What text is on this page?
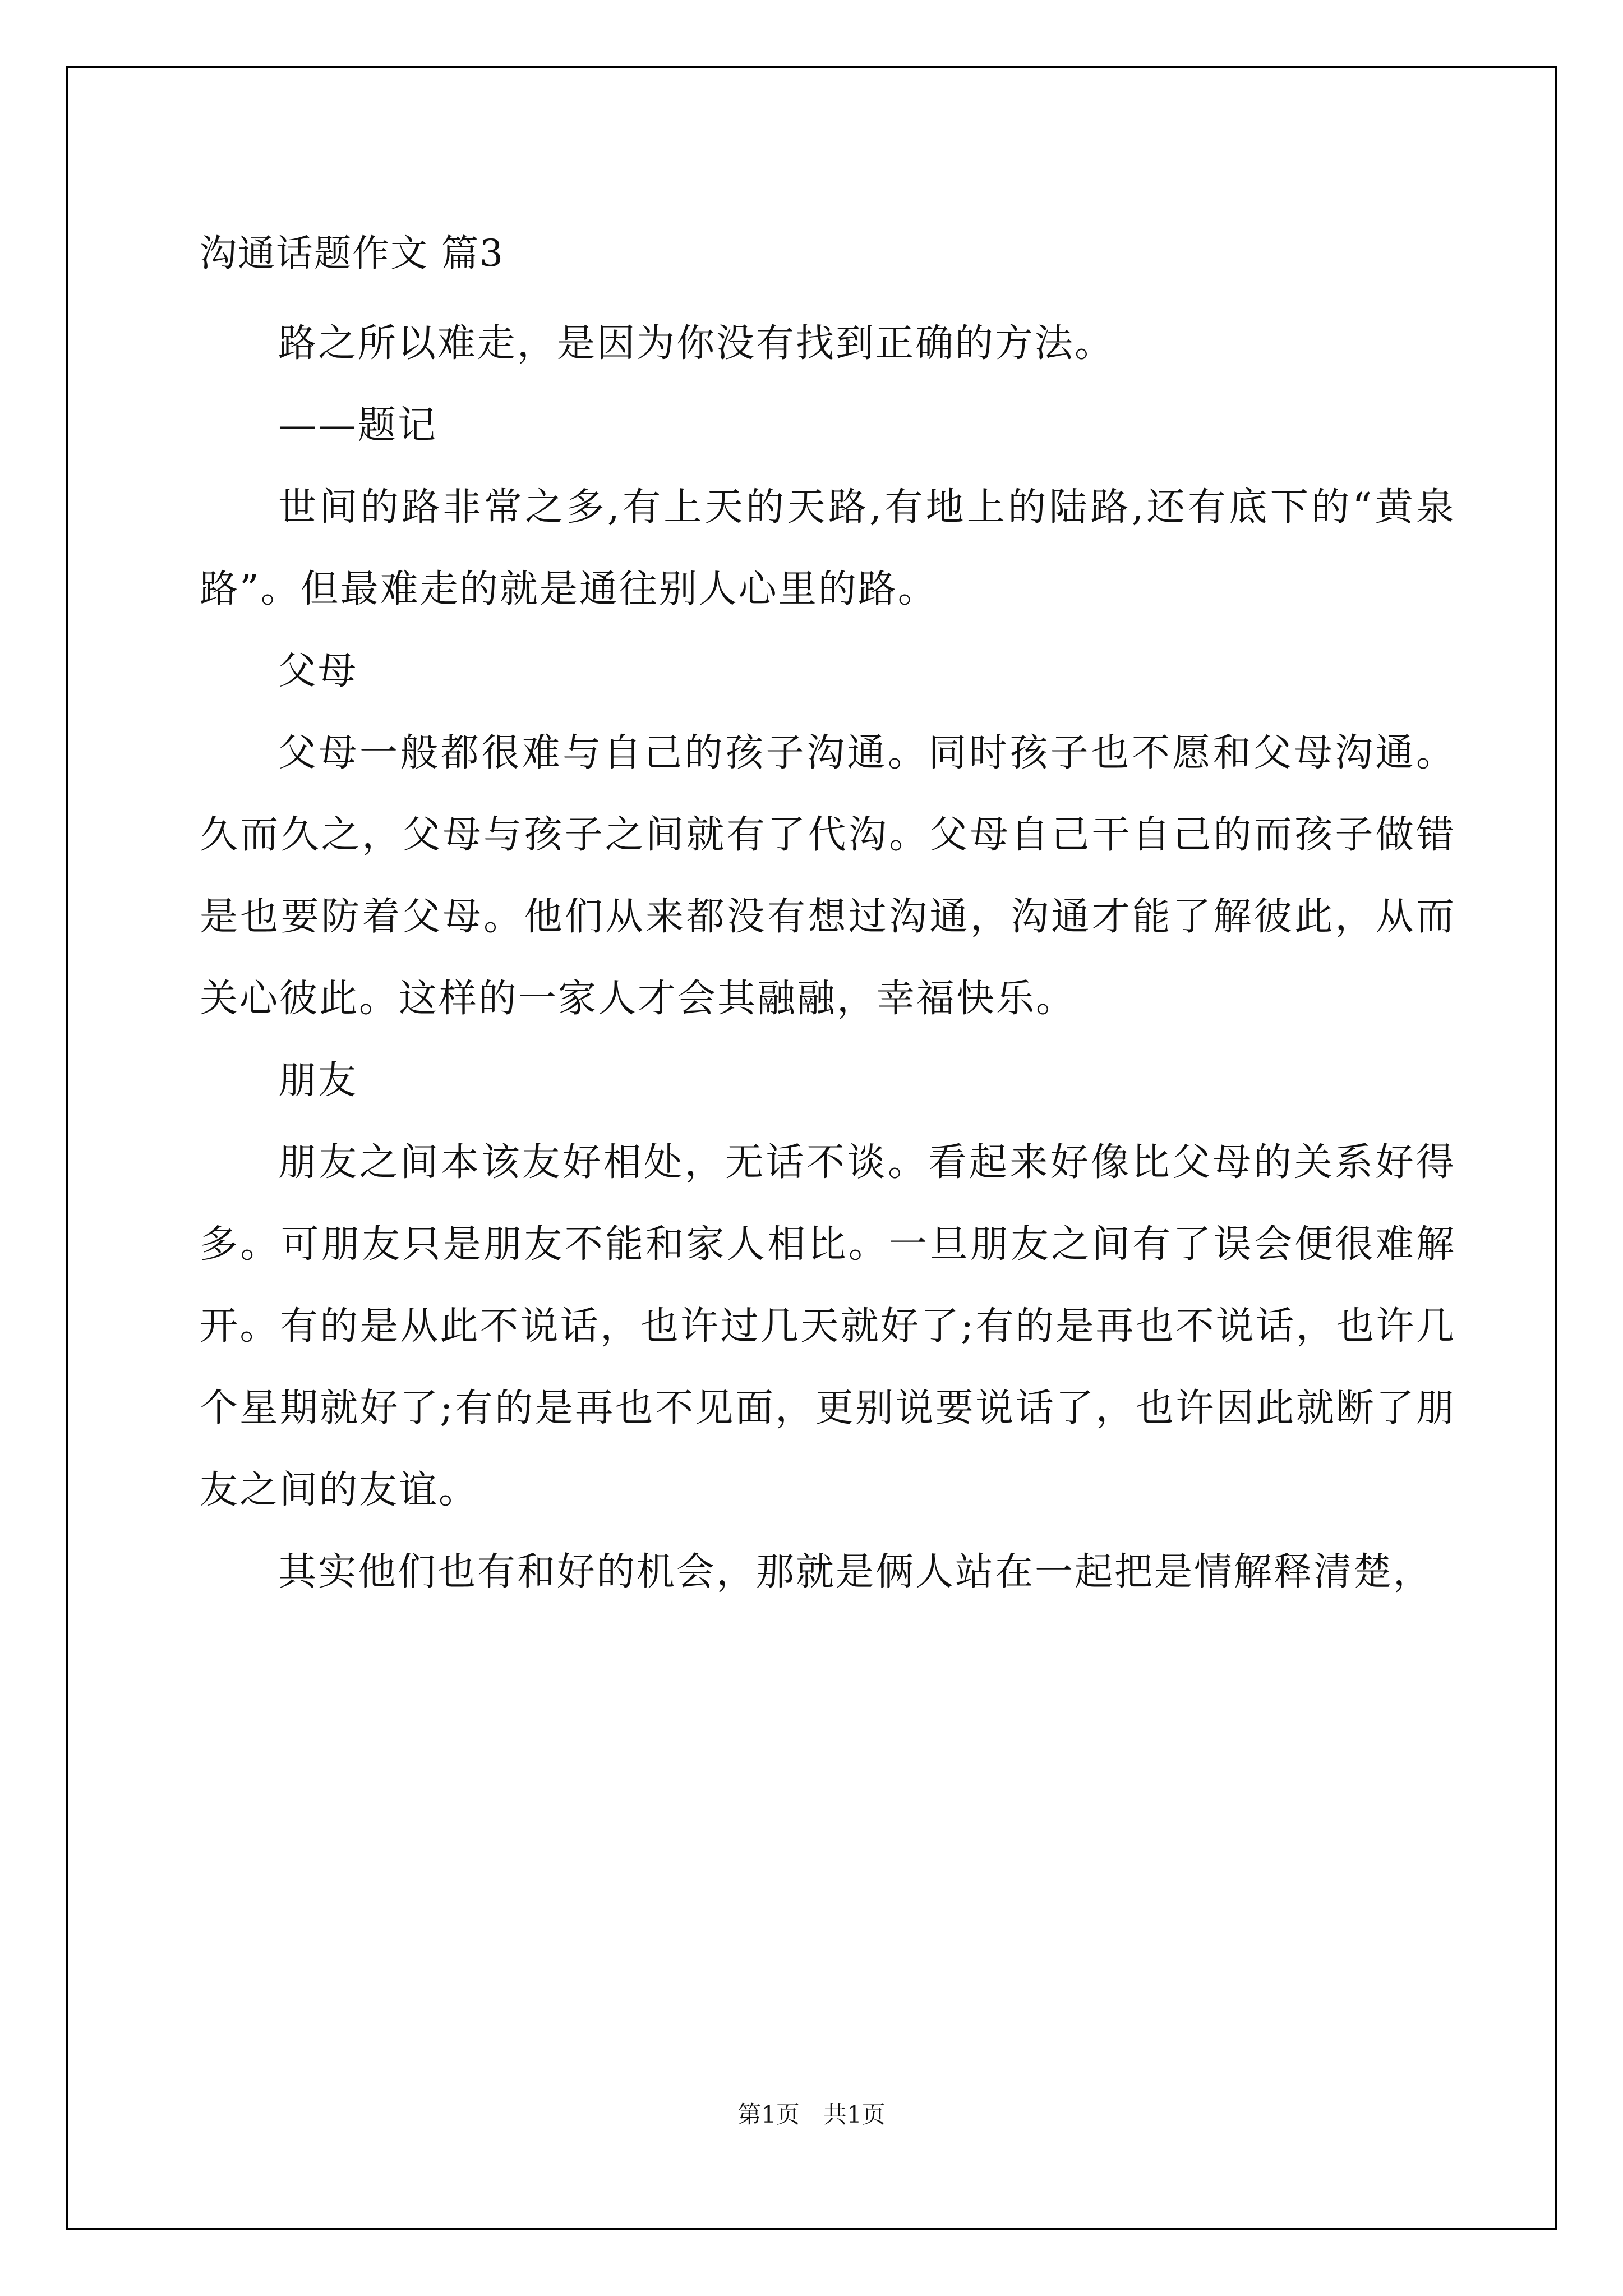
沟通话题作文 篇3

路之所以难走，是因为你没有找到正确的方法。

——题记

世间的路非常之多,有上天的天路,有地上的陆路,还有底下的“黄泉路”。但最难走的就是通往别人心里的路。

父母

父母一般都很难与自己的孩子沟通。同时孩子也不愿和父母沟通。久而久之，父母与孩子之间就有了代沟。父母自己干自己的而孩子做错是也要防着父母。他们从来都没有想过沟通，沟通才能了解彼此，从而关心彼此。这样的一家人才会其融融，幸福快乐。

朋友

朋友之间本该友好相处，无话不谈。看起来好像比父母的关系好得多。可朋友只是朋友不能和家人相比。一旦朋友之间有了误会便很难解开。有的是从此不说话，也许过几天就好了;有的是再也不说话，也许几个星期就好了;有的是再也不见面，更别说要说话了，也许因此就断了朋友之间的友谊。

其实他们也有和好的机会，那就是俩人站在一起把是情解释清楚，

第1页　共1页
